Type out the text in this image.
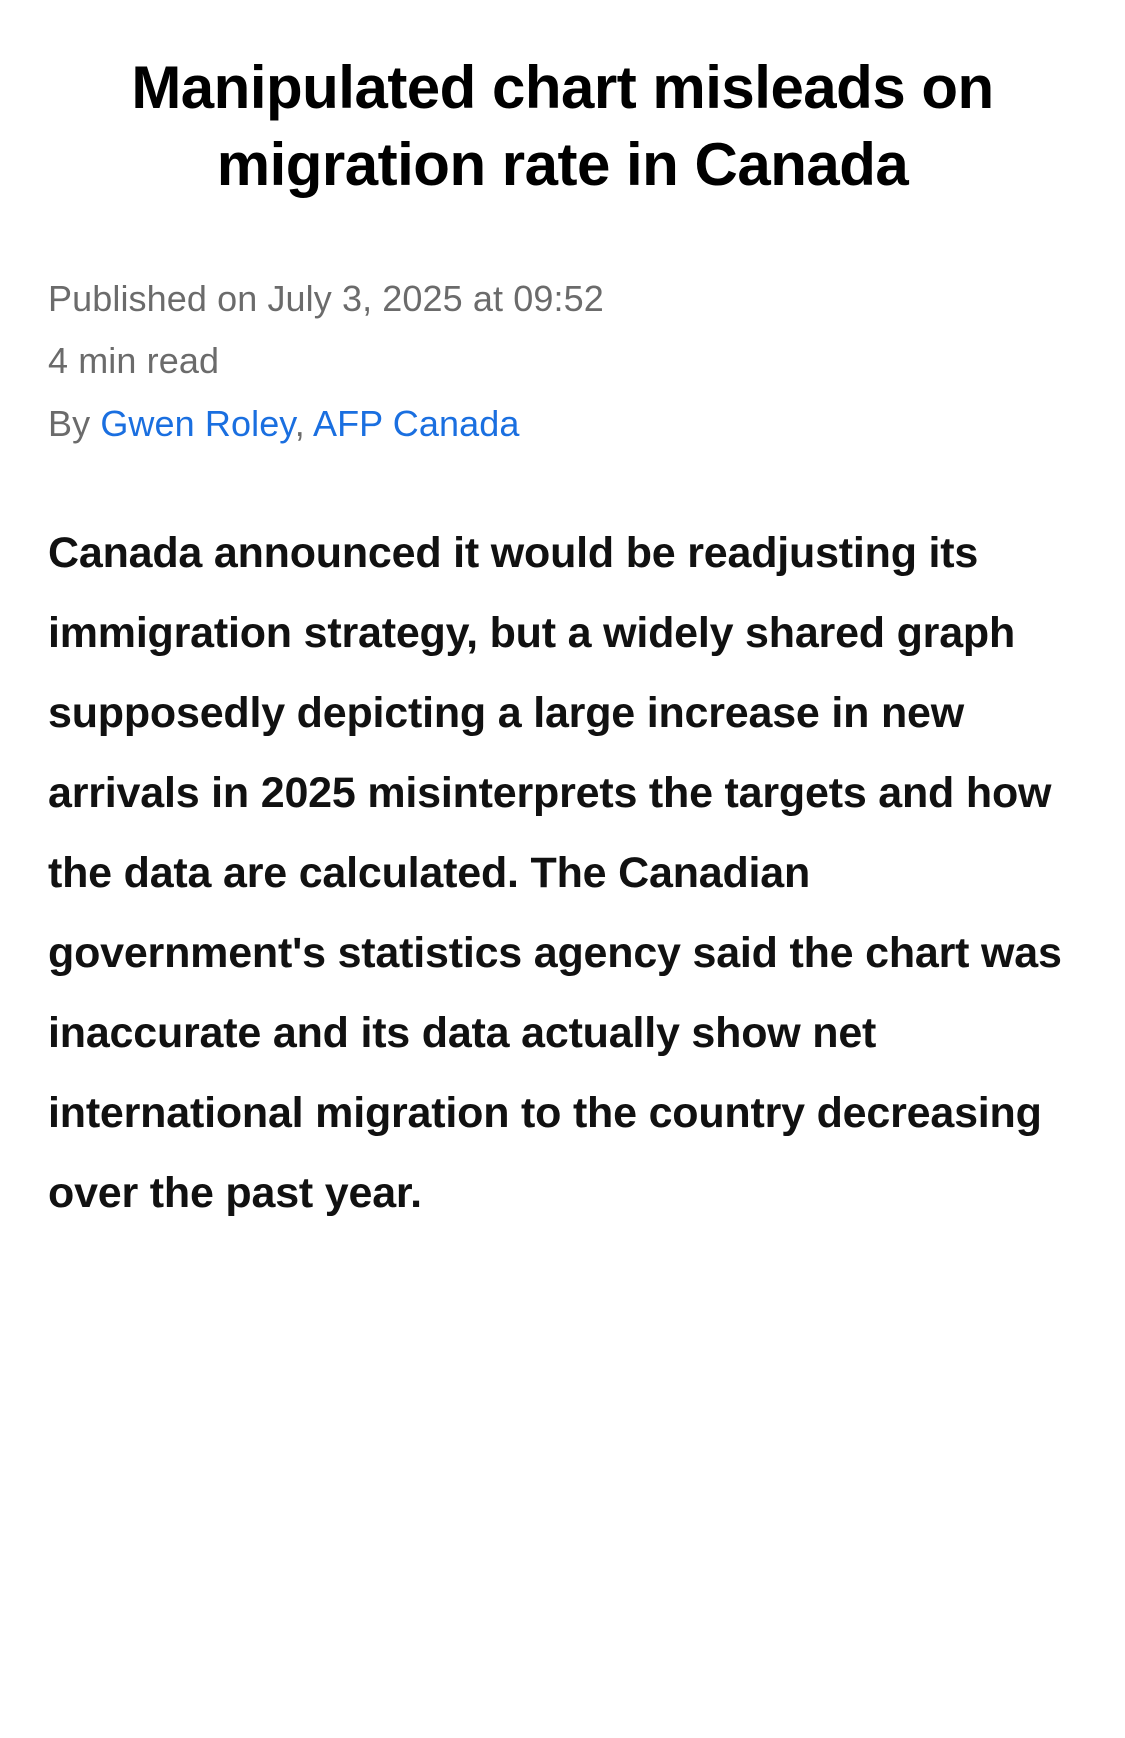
Manipulated chart misleads on migration rate in Canada
Published on July 3, 2025 at 09:52
4 min read
By Gwen Roley, AFP Canada

Canada announced it would be readjusting its immigration strategy, but a widely shared graph supposedly depicting a large increase in new arrivals in 2025 misinterprets the targets and how the data are calculated. The Canadian government's statistics agency said the chart was inaccurate and its data actually show net international migration to the country decreasing over the past year.
